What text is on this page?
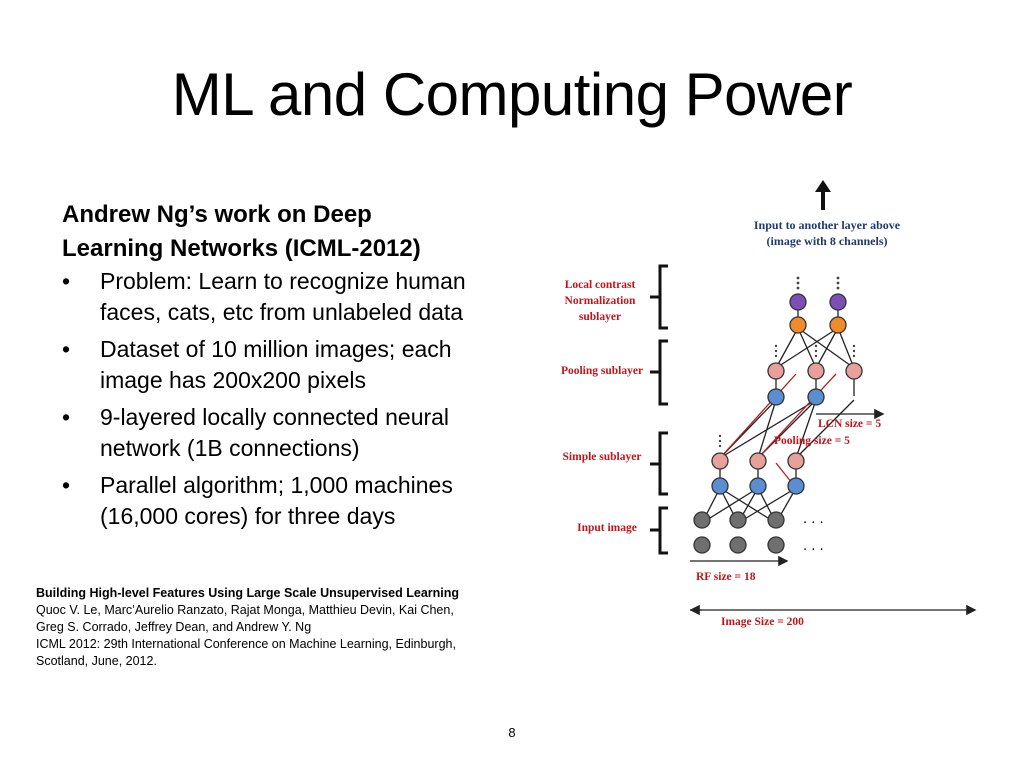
ML and Computing Power

Andrew Ng’s work on Deep
Learning Networks (ICML-2012)

• Problem: Learn to recognize human
faces, cats, etc from unlabeled data
• Dataset of 10 million images; each
image has 200x200 pixels
• 9-layered locally connected neural
network (1B connections)
• Parallel algorithm; 1,000 machines
(16,000 cores) for three days
Building High-level Features Using Large Scale Unsupervised Learning
Quoc V. Le, Marc’Aurelio Ranzato, Rajat Monga, Matthieu Devin, Kai Chen,
Greg S. Corrado, Jeffrey Dean, and Andrew Y. Ng
ICML 2012: 29th International Conference on Machine Learning, Edinburgh,
Scotland, June, 2012.
Input to another layer above
(image with 8 channels)
Local contrast
Normalization
sublayer
Pooling sublayer
Simple sublayer
Input image
. . .
. . .
LCN size = 5
Pooling size = 5
RF size = 18
Image Size = 200
8
